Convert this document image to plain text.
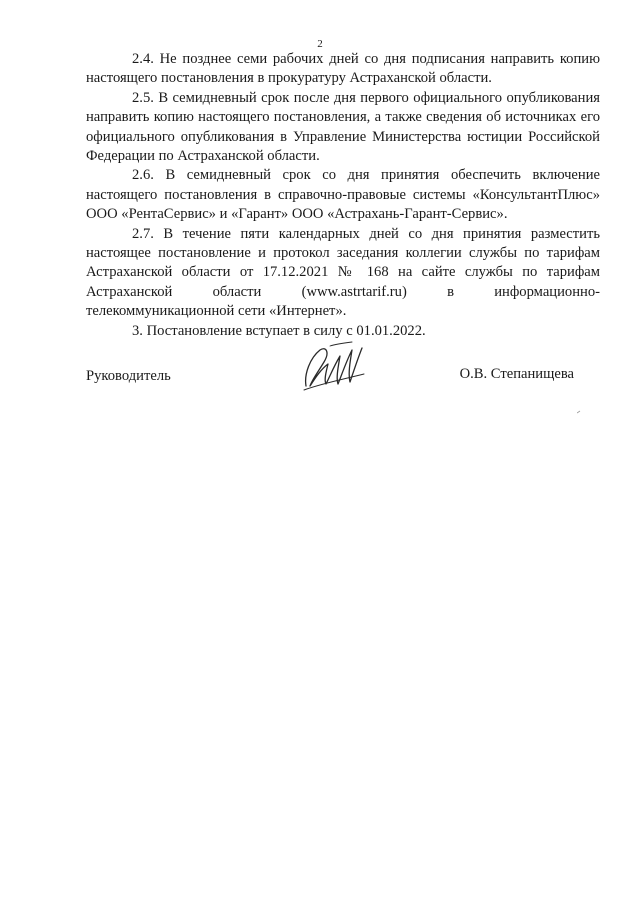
2

2.4. Не позднее семи рабочих дней со дня подписания направить копию настоящего постановления в прокуратуру Астраханской области.

2.5. В семидневный срок после дня первого официального опубликования направить копию настоящего постановления, а также сведения об источниках его официального опубликования в Управление Министерства юстиции Российской Федерации по Астраханской области.

2.6. В семидневный срок со дня принятия обеспечить включение настоящего постановления в справочно-правовые системы «КонсультантПлюс» ООО «РентаСервис» и «Гарант» ООО «Астрахань-Гарант-Сервис».

2.7. В течение пяти календарных дней со дня принятия разместить настоящее постановление и протокол заседания коллегии службы по тарифам Астраханской области от 17.12.2021 № 168 на сайте службы по тарифам Астраханской области (www.astrtarif.ru) в информационно-телекоммуникационной сети «Интернет».

3. Постановление вступает в силу с 01.01.2022.

Руководитель	О.В. Степанищева
